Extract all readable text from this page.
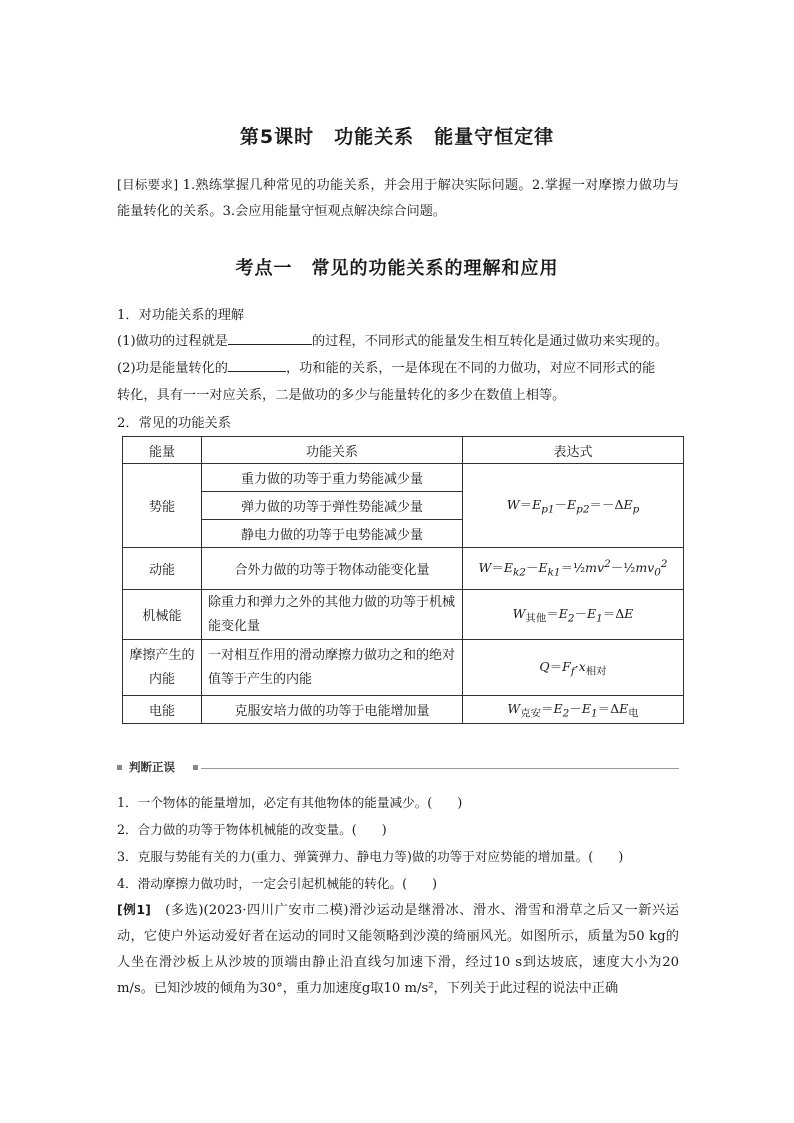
第5课时　功能关系　能量守恒定律
[目标要求] 1.熟练掌握几种常见的功能关系，并会用于解决实际问题。2.掌握一对摩擦力做功与能量转化的关系。3.会应用能量守恒观点解决综合问题。
考点一　常见的功能关系的理解和应用
1．对功能关系的理解
(1)做功的过程就是	的过程，不同形式的能量发生相互转化是通过做功来实现的。
(2)功是能量转化的	，功和能的关系，一是体现在不同的力做功，对应不同形式的能
转化，具有一一对应关系，二是做功的多少与能量转化的多少在数值上相等。
2．常见的功能关系
能量	功能关系	表达式
势能	重力做的功等于重力势能减少量	$W=E_{p1}-E_{p2}=-\Delta E_p$
	弹力做的功等于弹性势能减少量	
	静电力做的功等于电势能减少量	
动能	合外力做的功等于物体动能变化量	$W=E_{k2}-E_{k1}=\frac{1}{2}mv^2-\frac{1}{2}mv_0^2$
机械能	除重力和弹力之外的其他力做的功等于机械能变化量	$W_{其他}=E_2-E_1=\Delta E$
摩擦产生的内能	一对相互作用的滑动摩擦力做功之和的绝对值等于产生的内能	$Q=F_f\cdot x_{相对}$
电能	克服安培力做的功等于电能增加量	$W_{克安}=E_2-E_1=\Delta E_电$
判断正误
1．一个物体的能量增加，必定有其他物体的能量减少。(　　)
2．合力做的功等于物体机械能的改变量。(　　)
3．克服与势能有关的力(重力、弹簧弹力、静电力等)做的功等于对应势能的增加量。(　　)
4．滑动摩擦力做功时，一定会引起机械能的转化。(　　)
[例1]　(多选)(2023·四川广安市二模)滑沙运动是继滑冰、滑水、滑雪和滑草之后又一新兴运动，它使户外运动爱好者在运动的同时又能领略到沙漠的绮丽风光。如图所示，质量为50 kg的人坐在滑沙板上从沙坡的顶端由静止沿直线匀加速下滑，经过10 s到达坡底，速度大小为20 m/s。已知沙坡的倾角为30°，重力加速度g取10 m/s²，下列关于此过程的说法中正确
